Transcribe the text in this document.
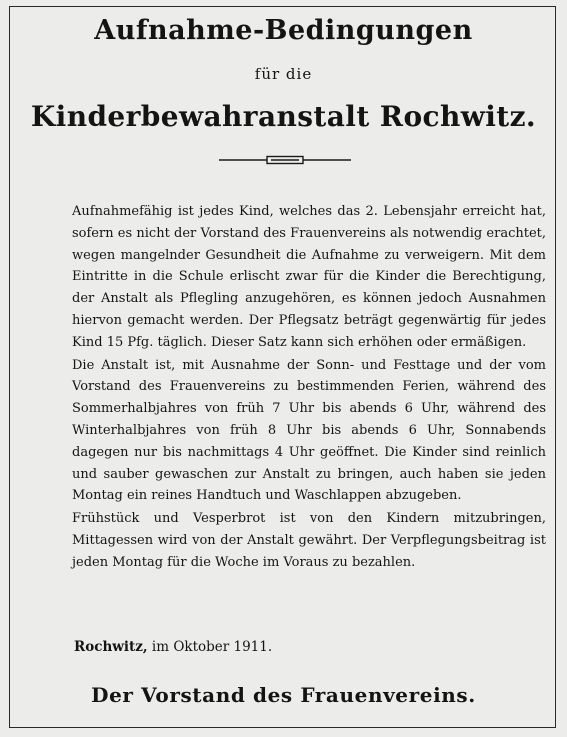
Aufnahme-Bedingungen
für die
Kinderbewahranstalt Rochwitz.

Aufnahmefähig ist jedes Kind, welches das 2. Lebensjahr erreicht hat, sofern es nicht der Vorstand des Frauenvereins als notwendig erachtet, wegen mangelnder Gesundheit die Aufnahme zu verweigern. Mit dem Eintritte in die Schule erlischt zwar für die Kinder die Berechtigung, der Anstalt als Pflegling anzugehören, es können jedoch Ausnahmen hiervon gemacht werden. Der Pflegsatz beträgt gegenwärtig für jedes Kind 15 Pfg. täglich. Dieser Satz kann sich erhöhen oder ermäßigen.

Die Anstalt ist, mit Ausnahme der Sonn- und Festtage und der vom Vorstand des Frauenvereins zu bestimmenden Ferien, während des Sommerhalbjahres von früh 7 Uhr bis abends 6 Uhr, während des Winterhalbjahres von früh 8 Uhr bis abends 6 Uhr, Sonnabends dagegen nur bis nachmittags 4 Uhr geöffnet. Die Kinder sind reinlich und sauber gewaschen zur Anstalt zu bringen, auch haben sie jeden Montag ein reines Handtuch und Waschlappen abzugeben.

Frühstück und Vesperbrot ist von den Kindern mitzubringen, Mittagessen wird von der Anstalt gewährt. Der Verpflegungsbeitrag ist jeden Montag für die Woche im Voraus zu bezahlen.

Rochwitz, im Oktober 1911.
Der Vorstand des Frauenvereins.
